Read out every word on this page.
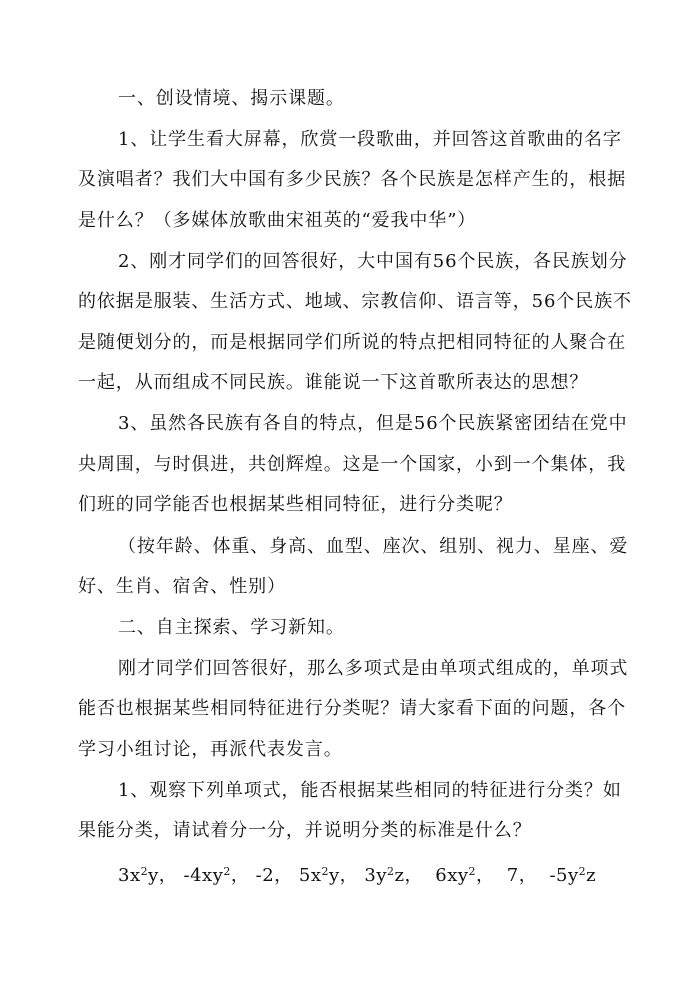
一、创设情境、揭示课题。
1、让学生看大屏幕，欣赏一段歌曲，并回答这首歌曲的名字
及演唱者？我们大中国有多少民族？各个民族是怎样产生的，根据
是什么？（多媒体放歌曲宋祖英的“爱我中华”）
2、刚才同学们的回答很好，大中国有56个民族，各民族划分
的依据是服装、生活方式、地域、宗教信仰、语言等，56个民族不
是随便划分的，而是根据同学们所说的特点把相同特征的人聚合在
一起，从而组成不同民族。谁能说一下这首歌所表达的思想？
3、虽然各民族有各自的特点，但是56个民族紧密团结在党中
央周围，与时俱进，共创辉煌。这是一个国家，小到一个集体，我
们班的同学能否也根据某些相同特征，进行分类呢？
（按年龄、体重、身高、血型、座次、组别、视力、星座、爱
好、生肖、宿舍、性别）
二、自主探索、学习新知。
刚才同学们回答很好，那么多项式是由单项式组成的，单项式
能否也根据某些相同特征进行分类呢？请大家看下面的问题，各个
学习小组讨论，再派代表发言。
1、观察下列单项式，能否根据某些相同的特征进行分类？如
果能分类，请试着分一分，并说明分类的标准是什么？
$3x^2y$， $-4xy^2$， -2， $5x^2y$， $3y^2z$， $6xy^2$， 7， $-5y^2z$
